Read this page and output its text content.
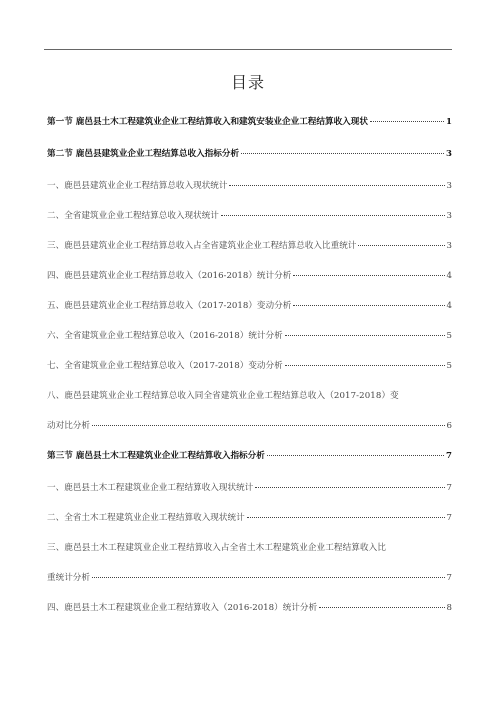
目录
第一节 鹿邑县土木工程建筑业企业工程结算收入和建筑安装业企业工程结算收入现状	1
第二节 鹿邑县建筑业企业工程结算总收入指标分析	3
一、鹿邑县建筑业企业工程结算总收入现状统计	3
二、全省建筑业企业工程结算总收入现状统计	3
三、鹿邑县建筑业企业工程结算总收入占全省建筑业企业工程结算总收入比重统计	3
四、鹿邑县建筑业企业工程结算总收入（2016-2018）统计分析	4
五、鹿邑县建筑业企业工程结算总收入（2017-2018）变动分析	4
六、全省建筑业企业工程结算总收入（2016-2018）统计分析	5
七、全省建筑业企业工程结算总收入（2017-2018）变动分析	5
八、鹿邑县建筑业企业工程结算总收入同全省建筑业企业工程结算总收入（2017-2018）变
动对比分析	6
第三节 鹿邑县土木工程建筑业企业工程结算收入指标分析	7
一、鹿邑县土木工程建筑业企业工程结算收入现状统计	7
二、全省土木工程建筑业企业工程结算收入现状统计	7
三、鹿邑县土木工程建筑业企业工程结算收入占全省土木工程建筑业企业工程结算收入比
重统计分析	7
四、鹿邑县土木工程建筑业企业工程结算收入（2016-2018）统计分析	8
